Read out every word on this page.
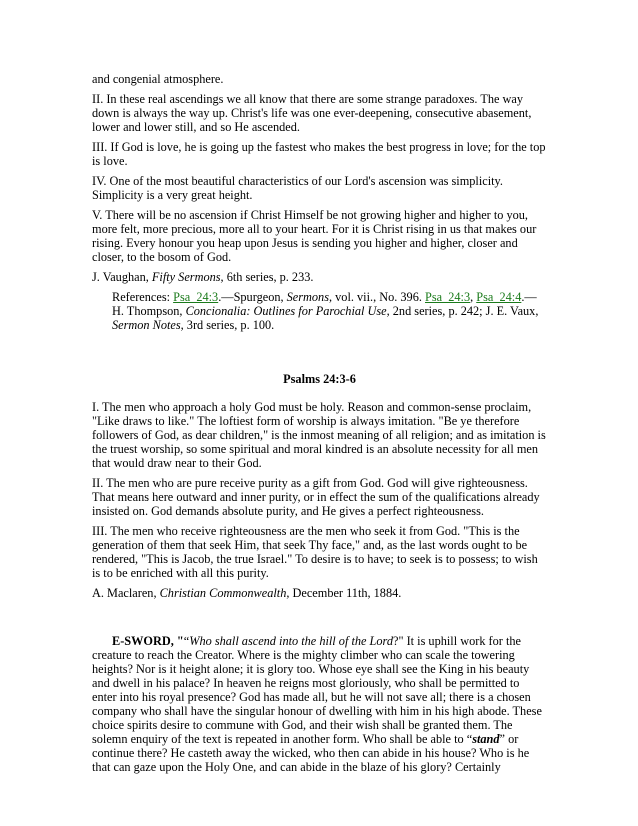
and congenial atmosphere.

II. In these real ascendings we all know that there are some strange paradoxes. The way down is always the way up. Christ's life was one ever-deepening, consecutive abasement, lower and lower still, and so He ascended.

III. If God is love, he is going up the fastest who makes the best progress in love; for the top is love.

IV. One of the most beautiful characteristics of our Lord's ascension was simplicity. Simplicity is a very great height.

V. There will be no ascension if Christ Himself be not growing higher and higher to you, more felt, more precious, more all to your heart. For it is Christ rising in us that makes our rising. Every honour you heap upon Jesus is sending you higher and higher, closer and closer, to the bosom of God.

J. Vaughan, Fifty Sermons, 6th series, p. 233.

References: Psa_24:3.—Spurgeon, Sermons, vol. vii., No. 396. Psa_24:3, Psa_24:4.—H. Thompson, Concionalia: Outlines for Parochial Use, 2nd series, p. 242; J. E. Vaux, Sermon Notes, 3rd series, p. 100.

Psalms 24:3-6

I. The men who approach a holy God must be holy. Reason and common-sense proclaim, "Like draws to like." The loftiest form of worship is always imitation. "Be ye therefore followers of God, as dear children," is the inmost meaning of all religion; and as imitation is the truest worship, so some spiritual and moral kindred is an absolute necessity for all men that would draw near to their God.

II. The men who are pure receive purity as a gift from God. God will give righteousness. That means here outward and inner purity, or in effect the sum of the qualifications already insisted on. God demands absolute purity, and He gives a perfect righteousness.

III. The men who receive righteousness are the men who seek it from God. "This is the generation of them that seek Him, that seek Thy face," and, as the last words ought to be rendered, "This is Jacob, the true Israel." To desire is to have; to seek is to possess; to wish is to be enriched with all this purity.

A. Maclaren, Christian Commonwealth, December 11th, 1884.

E-SWORD, "“Who shall ascend into the hill of the Lord?" It is uphill work for the creature to reach the Creator. Where is the mighty climber who can scale the towering heights? Nor is it height alone; it is glory too. Whose eye shall see the King in his beauty and dwell in his palace? In heaven he reigns most gloriously, who shall be permitted to enter into his royal presence? God has made all, but he will not save all; there is a chosen company who shall have the singular honour of dwelling with him in his high abode. These choice spirits desire to commune with God, and their wish shall be granted them. The solemn enquiry of the text is repeated in another form. Who shall be able to “stand” or continue there? He casteth away the wicked, who then can abide in his house? Who is he that can gaze upon the Holy One, and can abide in the blaze of his glory? Certainly
